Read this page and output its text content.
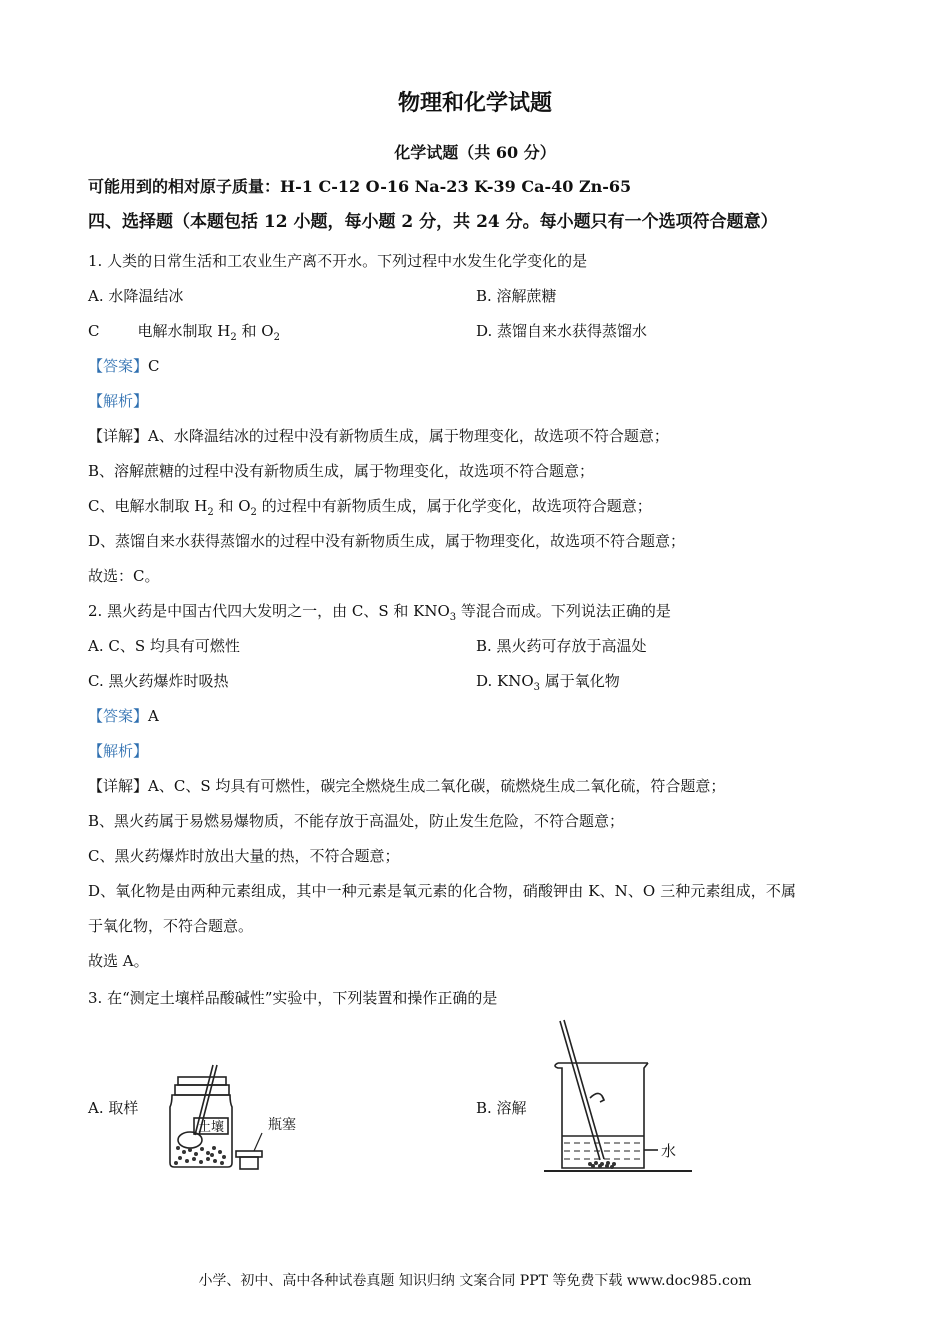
物理和化学试题
化学试题（共 60 分）
可能用到的相对原子质量：H-1 C-12 O-16 Na-23 K-39 Ca-40 Zn-65
四、选择题（本题包括 12 小题，每小题 2 分，共 24 分。每小题只有一个选项符合题意）
1. 人类的日常生活和工农业生产离不开水。下列过程中水发生化学变化的是
A. 水降温结冰	B. 溶解蔗糖
C	电解水制取 $H_2$ 和 $O_2$	D. 蒸馏自来水获得蒸馏水
【答案】C
【解析】
【详解】A、水降温结冰的过程中没有新物质生成，属于物理变化，故选项不符合题意；
B、溶解蔗糖的过程中没有新物质生成，属于物理变化，故选项不符合题意；
C、电解水制取 $H_2$ 和 $O_2$ 的过程中有新物质生成，属于化学变化，故选项符合题意；
D、蒸馏自来水获得蒸馏水的过程中没有新物质生成，属于物理变化，故选项不符合题意；
故选：C。
2. 黑火药是中国古代四大发明之一，由 C、S 和 $KNO_3$ 等混合而成。下列说法正确的是
A. C、S 均具有可燃性	B. 黑火药可存放于高温处
C. 黑火药爆炸时吸热	D. $KNO_3$ 属于氧化物
【答案】A
【解析】
【详解】A、C、S 均具有可燃性，碳完全燃烧生成二氧化碳，硫燃烧生成二氧化硫，符合题意；
B、黑火药属于易燃易爆物质，不能存放于高温处，防止发生危险，不符合题意；
C、黑火药爆炸时放出大量的热，不符合题意；
D、氧化物是由两种元素组成，其中一种元素是氧元素的化合物，硝酸钾由 K、N、O 三种元素组成，不属
于氧化物，不符合题意。
故选 A。
3. 在“测定土壤样品酸碱性”实验中，下列装置和操作正确的是
A. 取样	B. 溶解
土壤	瓶塞
水
小学、初中、高中各种试卷真题 知识归纳 文案合同 PPT 等免费下载 www.doc985.com
